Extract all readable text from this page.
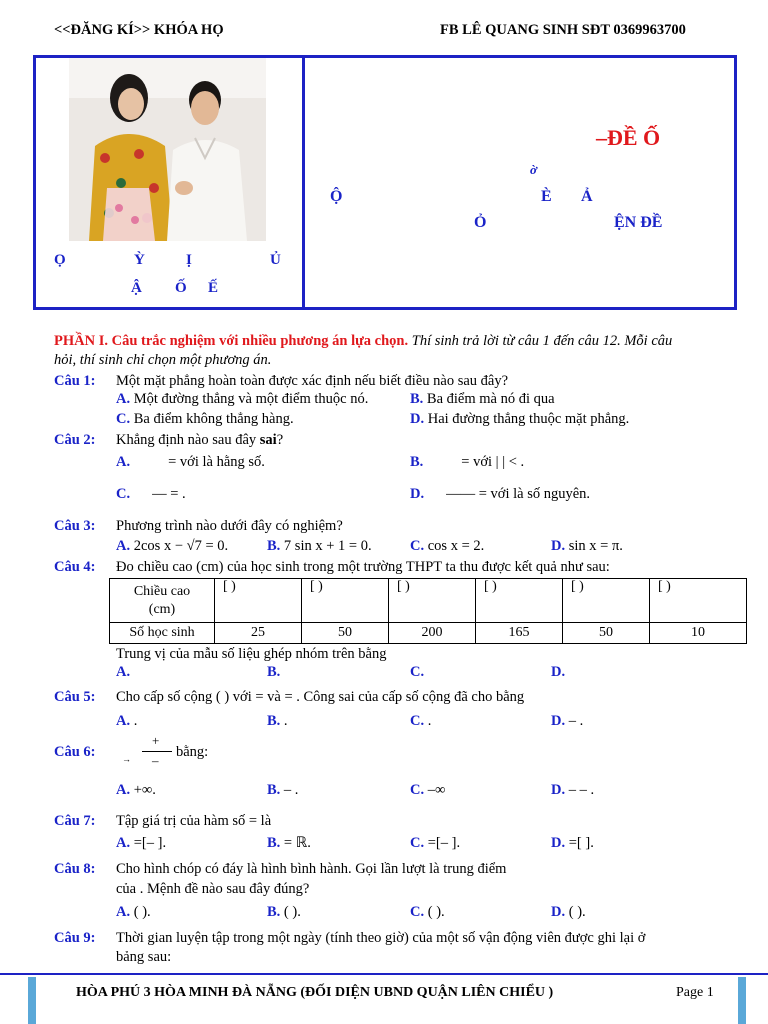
<<ĐĂNG KÍ>> KHÓA HỌ	FB LÊ QUANG SINH SĐT 0369963700
Ọ	Ỳ	Ị	Ủ
Ậ Ố Ế
–ĐỀ Ố
ờ
Ộ	È Ả
Ỏ	ỆN ĐỀ
PHẦN I. Câu trắc nghiệm với nhiều phương án lựa chọn. Thí sinh trả lời từ câu 1 đến câu 12. Mỗi câu
hỏi, thí sinh chỉ chọn một phương án.
Câu 1: Một mặt phẳng hoàn toàn được xác định nếu biết điều nào sau đây?
A. Một đường thẳng và một điểm thuộc nó.	B. Ba điểm mà nó đi qua
C. Ba điểm không thẳng hàng.	D. Hai đường thẳng thuộc mặt phẳng.
Câu 2: Khẳng định nào sau đây sai?
A.	= với là hằng số.	B.	= với | | < .
C. — = .	D. —— = với là số nguyên.
Câu 3: Phương trình nào dưới đây có nghiệm?
A. 2cos x − √7 = 0.	B. 7 sin x + 1 = 0.	C. cos x = 2.	D. sin x = π.
Câu 4: Đo chiều cao (cm) của học sinh trong một trường THPT ta thu được kết quả như sau:
Chiều cao
(cm)	[ )	[ )	[ )	[ )	[ )	[ )
Số học sinh	25	50	200	165	50	10
Trung vị của mẫu số liệu ghép nhóm trên bằng
A.	B.	C.	D.
Câu 5: Cho cấp số cộng ( ) với = và = . Công sai của cấp số cộng đã cho bằng
A. .	B. .	C. .	D. – .
Câu 6:	→
+
–
bằng:
A. +∞.	B. – .	C. –∞	D. – – .
Câu 7: Tập giá trị của hàm số = là
A. =[– ].	B. = ℝ.	C. =[– ].	D. =[ ].
Câu 8: Cho hình chóp có đáy là hình bình hành. Gọi lần lượt là trung điểm
của . Mệnh đề nào sau đây đúng?
A. ( ).	B. ( ).	C. ( ).	D. ( ).
Câu 9: Thời gian luyện tập trong một ngày (tính theo giờ) của một số vận động viên được ghi lại ở
bảng sau:
HÒA PHÚ 3 HÒA MINH ĐÀ NẴNG (ĐỐI DIỆN UBND QUẬN LIÊN CHIỂU )	Page 1
